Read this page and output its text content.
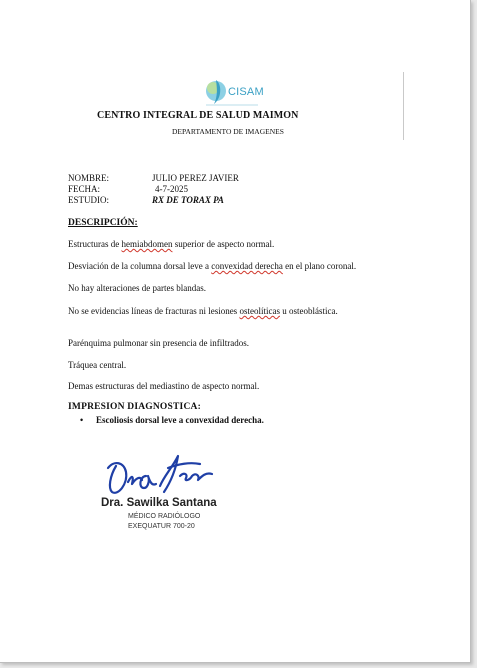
CISAM
CENTRO INTEGRAL DE SALUD MAIMON
DEPARTAMENTO DE IMAGENES
NOMBRE:	JULIO PEREZ JAVIER
FECHA:	4-7-2025
ESTUDIO:	RX DE TORAX PA
DESCRIPCIÓN:
Estructuras de hemiabdomen superior de aspecto normal.
Desviación de la columna dorsal leve a convexidad derecha en el plano coronal.
No hay alteraciones de partes blandas.
No se evidencias líneas de fracturas ni lesiones osteolíticas u osteoblástica.
Parénquima pulmonar sin presencia de infiltrados.
Tráquea central.
Demas estructuras del mediastino de aspecto normal.
IMPRESION DIAGNOSTICA:
•	Escoliosis dorsal leve a convexidad derecha.
Dra. Sawilka Santana
MÉDICO RADIÓLOGO
EXEQUATUR 700-20
